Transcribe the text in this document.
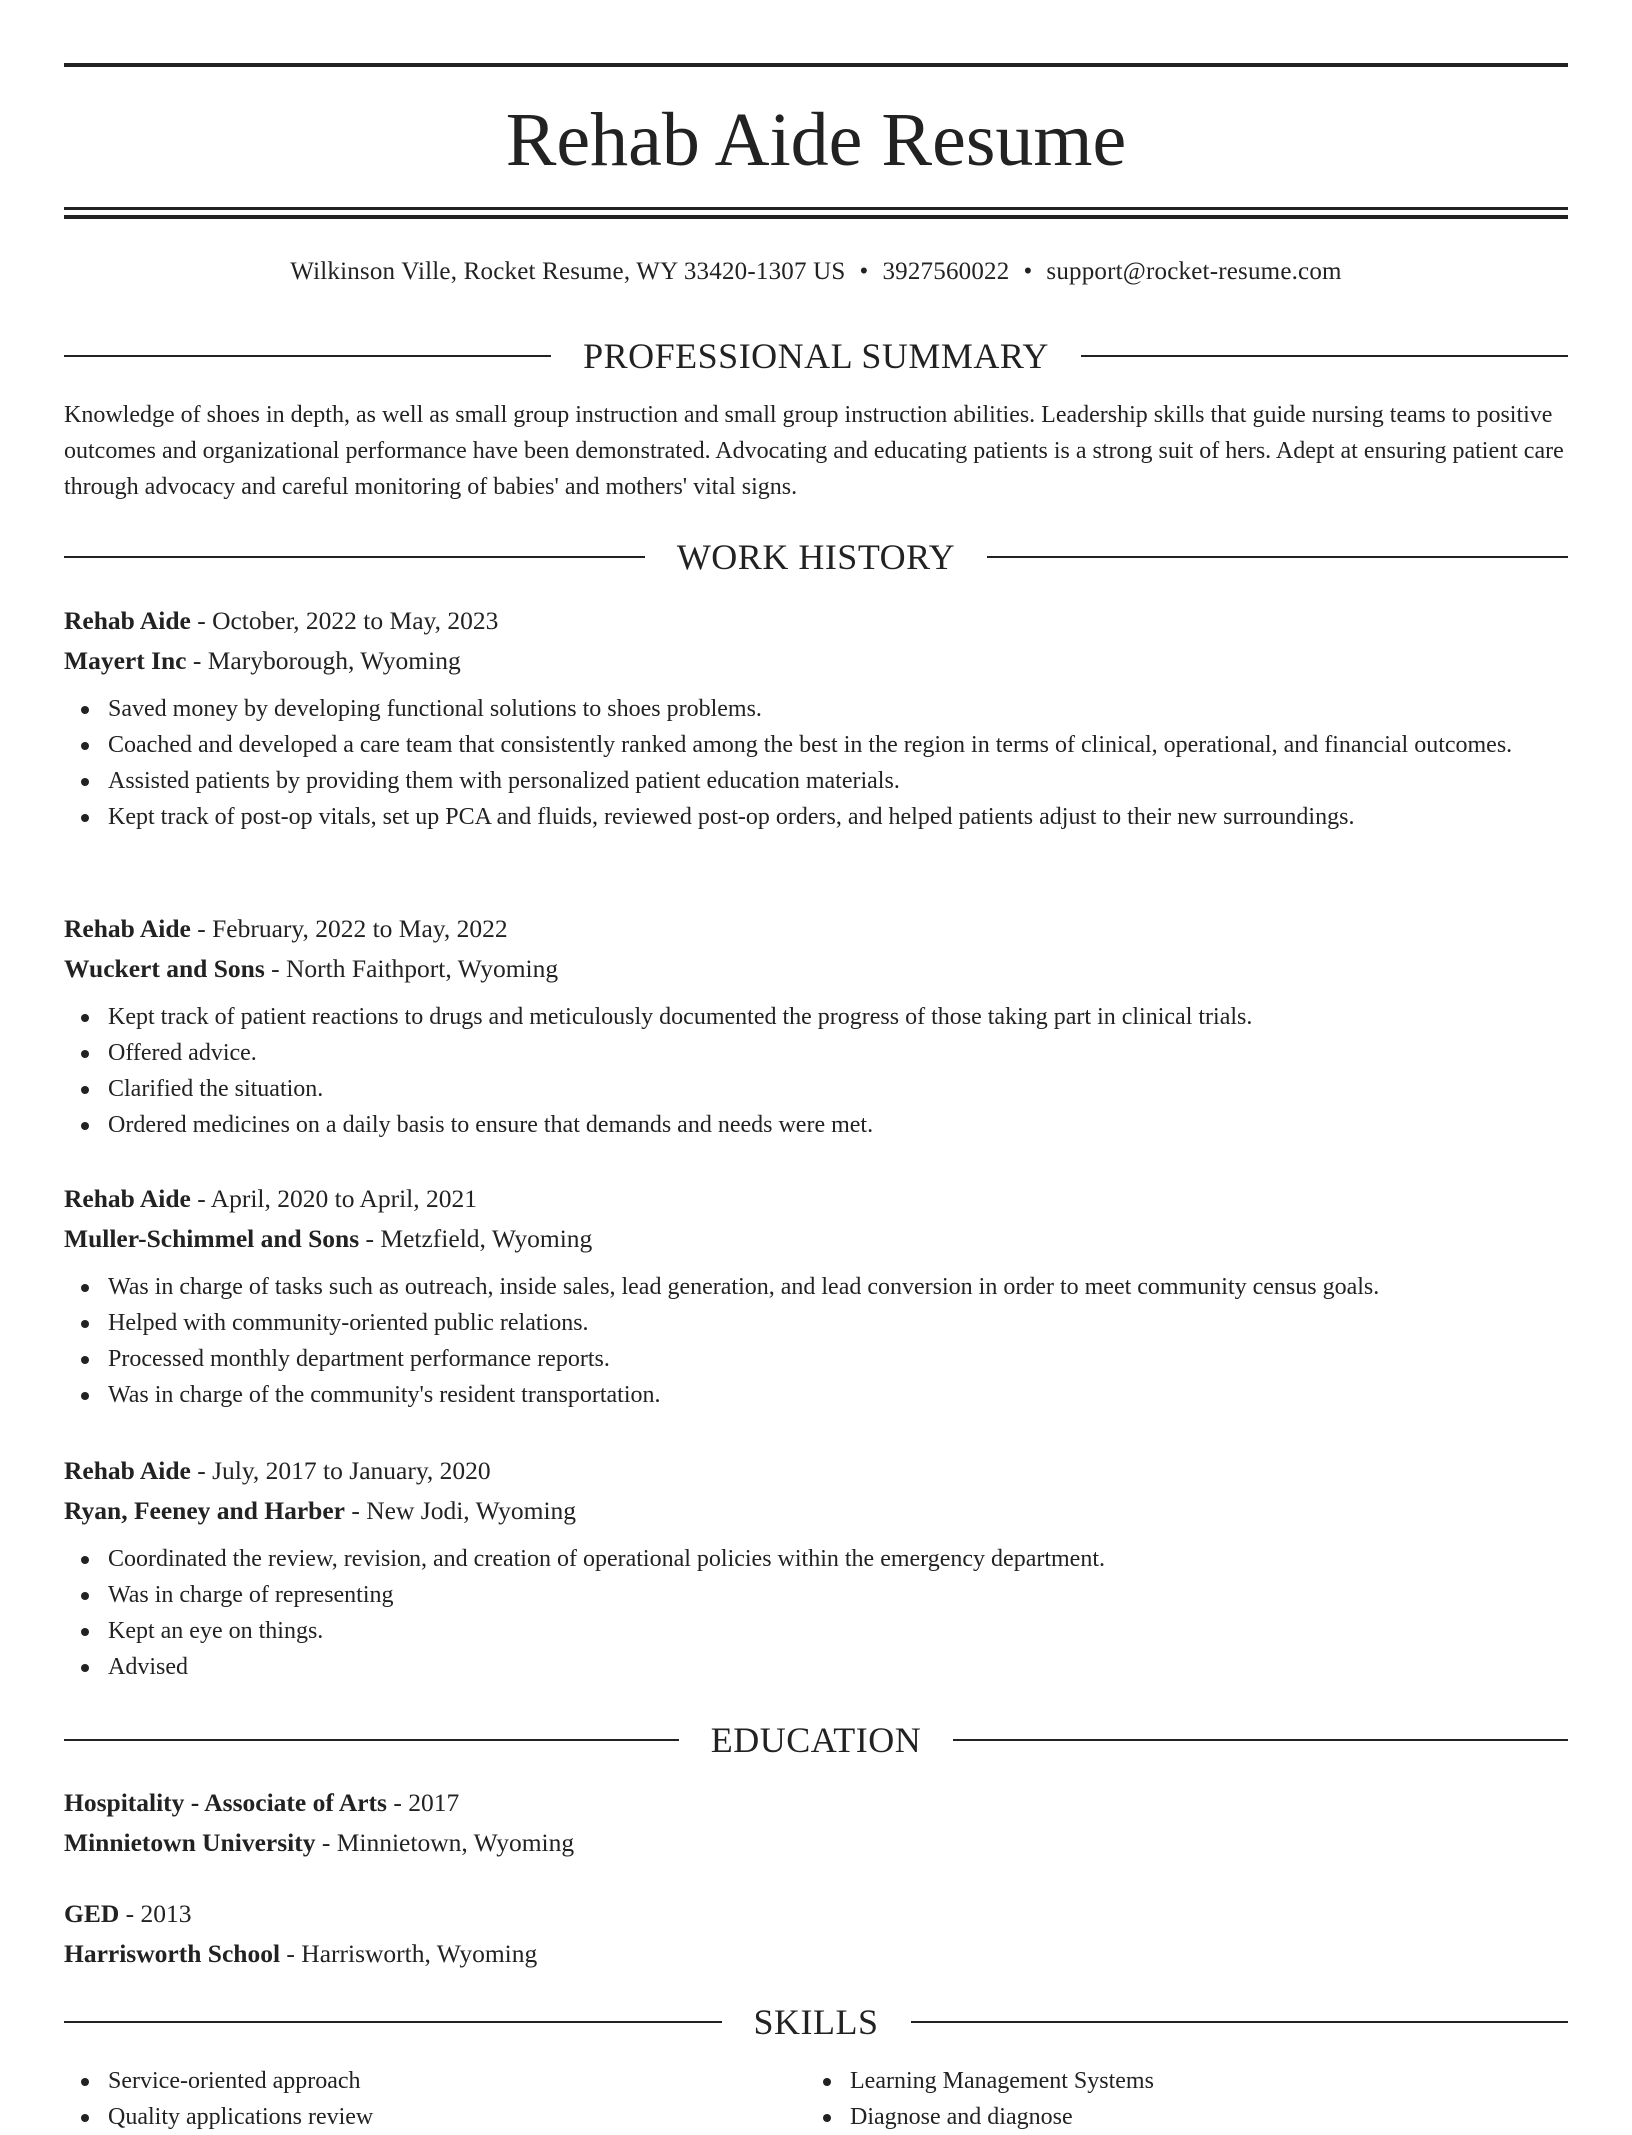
Rehab Aide Resume
Wilkinson Ville, Rocket Resume, WY 33420-1307 US • 3927560022 • support@rocket-resume.com
PROFESSIONAL SUMMARY

Knowledge of shoes in depth, as well as small group instruction and small group instruction abilities. Leadership skills that guide nursing teams to positive outcomes and organizational performance have been demonstrated. Advocating and educating patients is a strong suit of hers. Adept at ensuring patient care through advocacy and careful monitoring of babies' and mothers' vital signs.

WORK HISTORY
Rehab Aide - October, 2022 to May, 2023
Mayert Inc - Maryborough, Wyoming
Saved money by developing functional solutions to shoes problems.
Coached and developed a care team that consistently ranked among the best in the region in terms of clinical, operational, and financial outcomes.
Assisted patients by providing them with personalized patient education materials.
Kept track of post-op vitals, set up PCA and fluids, reviewed post-op orders, and helped patients adjust to their new surroundings.
Rehab Aide - February, 2022 to May, 2022
Wuckert and Sons - North Faithport, Wyoming
Kept track of patient reactions to drugs and meticulously documented the progress of those taking part in clinical trials.
Offered advice.
Clarified the situation.
Ordered medicines on a daily basis to ensure that demands and needs were met.
Rehab Aide - April, 2020 to April, 2021
Muller-Schimmel and Sons - Metzfield, Wyoming
Was in charge of tasks such as outreach, inside sales, lead generation, and lead conversion in order to meet community census goals.
Helped with community-oriented public relations.
Processed monthly department performance reports.
Was in charge of the community's resident transportation.
Rehab Aide - July, 2017 to January, 2020
Ryan, Feeney and Harber - New Jodi, Wyoming
Coordinated the review, revision, and creation of operational policies within the emergency department.
Was in charge of representing
Kept an eye on things.
Advised
EDUCATION
Hospitality - Associate of Arts - 2017
Minnietown University - Minnietown, Wyoming
GED - 2013
Harrisworth School - Harrisworth, Wyoming
SKILLS
Service-oriented approach
Quality applications review
Learning Management Systems
Diagnose and diagnose
